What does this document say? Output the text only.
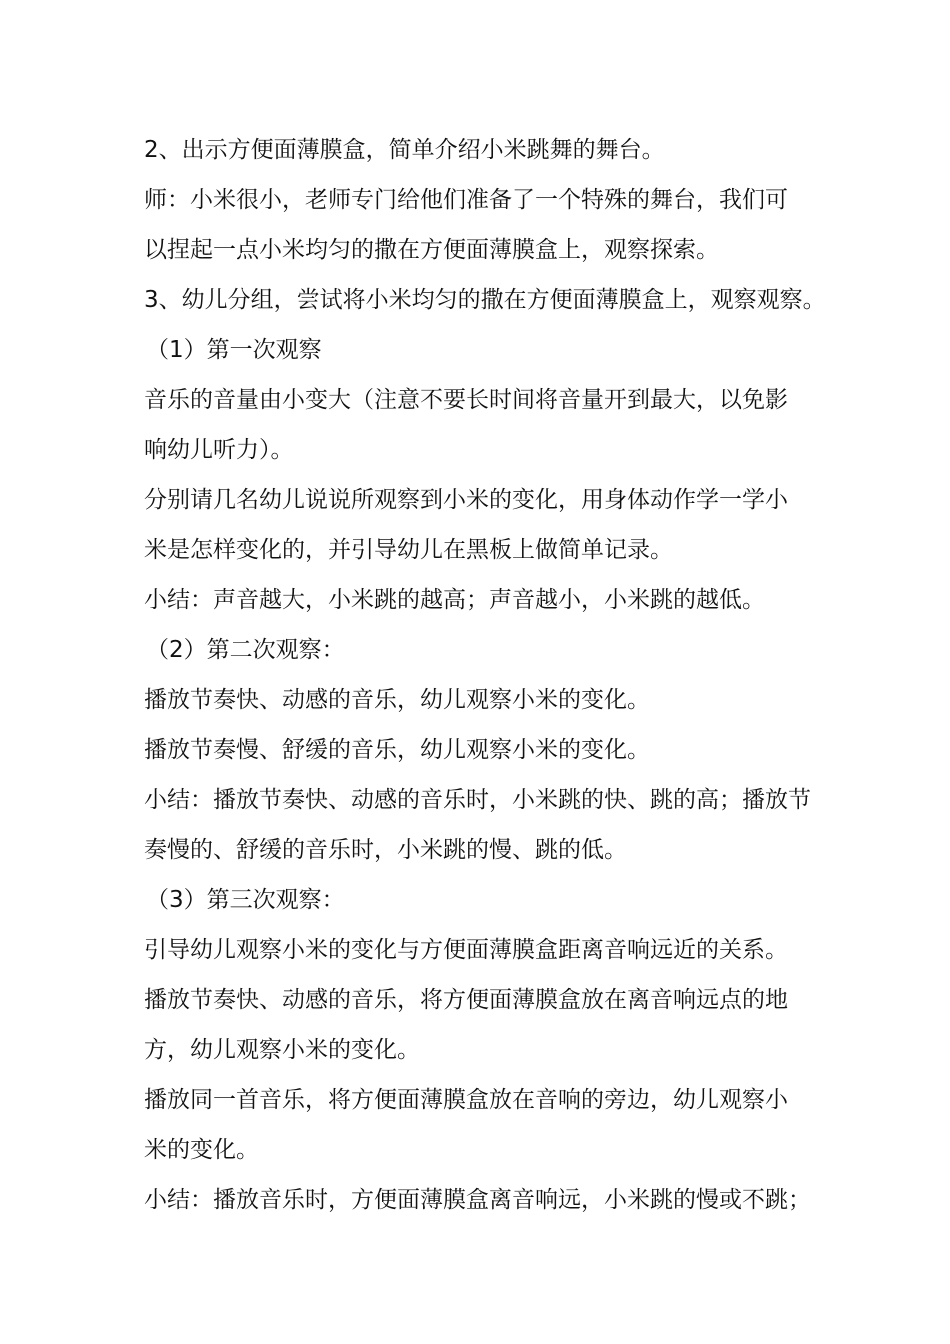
2、出示方便面薄膜盒，简单介绍小米跳舞的舞台。
师：小米很小，老师专门给他们准备了一个特殊的舞台，我们可
以捏起一点小米均匀的撒在方便面薄膜盒上，观察探索。
3、幼儿分组，尝试将小米均匀的撒在方便面薄膜盒上，观察观察。
（1）第一次观察
音乐的音量由小变大（注意不要长时间将音量开到最大，以免影
响幼儿听力）。
分别请几名幼儿说说所观察到小米的变化，用身体动作学一学小
米是怎样变化的，并引导幼儿在黑板上做简单记录。
小结：声音越大，小米跳的越高；声音越小，小米跳的越低。
（2）第二次观察：
播放节奏快、动感的音乐，幼儿观察小米的变化。
播放节奏慢、舒缓的音乐，幼儿观察小米的变化。
小结：播放节奏快、动感的音乐时，小米跳的快、跳的高；播放节
奏慢的、舒缓的音乐时，小米跳的慢、跳的低。
（3）第三次观察：
引导幼儿观察小米的变化与方便面薄膜盒距离音响远近的关系。
播放节奏快、动感的音乐，将方便面薄膜盒放在离音响远点的地
方，幼儿观察小米的变化。
播放同一首音乐，将方便面薄膜盒放在音响的旁边，幼儿观察小
米的变化。
小结：播放音乐时，方便面薄膜盒离音响远，小米跳的慢或不跳；
